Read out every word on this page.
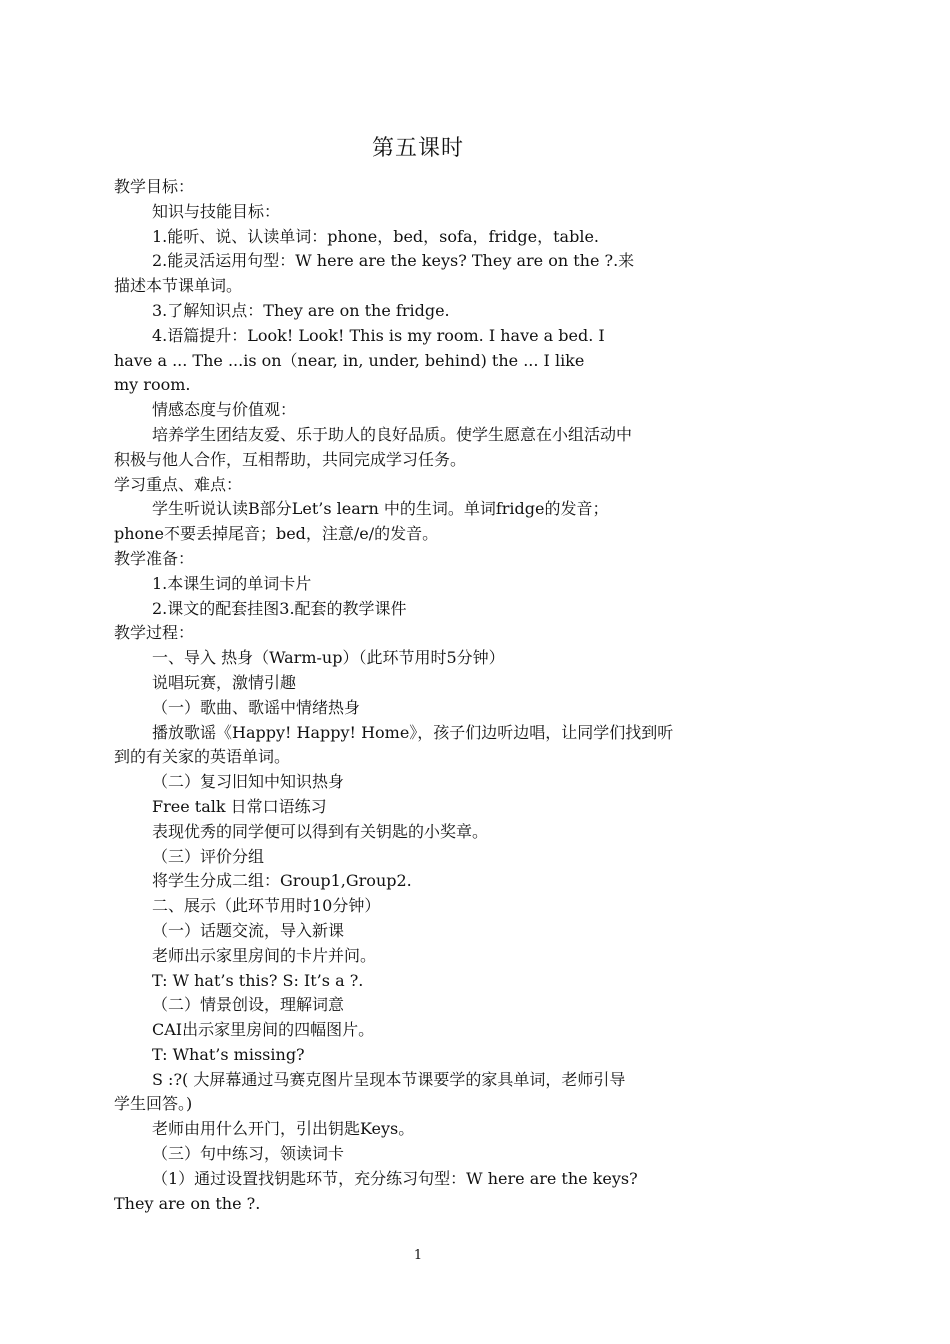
第五课时

教学目标：

知识与技能目标：

1.能听、说、认读单词：phone，bed，sofa，fridge，table.

2.能灵活运用句型：W here are the keys? They are on the ?.来

描述本节课单词。

3.了解知识点：They are on the fridge.

4.语篇提升：Look! Look! This is my room. I have a bed. I

have a ... The ...is on（near, in, under, behind) the ... I like

my room.

情感态度与价值观：

培养学生团结友爱、乐于助人的良好品质。使学生愿意在小组活动中

积极与他人合作，互相帮助，共同完成学习任务。

学习重点、难点：

学生听说认读B部分Let’s learn 中的生词。单词fridge的发音；

phone不要丢掉尾音；bed，注意/e/的发音。

教学准备：

1.本课生词的单词卡片

2.课文的配套挂图3.配套的教学课件

教学过程：

一、导入 热身（Warm-up）（此环节用时5分钟）

说唱玩赛，激情引趣

（一）歌曲、歌谣中情绪热身

播放歌谣《Happy! Happy! Home》，孩子们边听边唱，让同学们找到听

到的有关家的英语单词。

（二）复习旧知中知识热身

Free talk 日常口语练习

表现优秀的同学便可以得到有关钥匙的小奖章。

（三）评价分组

将学生分成二组：Group1,Group2.

二、展示（此环节用时10分钟）

（一）话题交流，导入新课

老师出示家里房间的卡片并问。

T: W hat’s this? S: It’s a ?.

（二）情景创设，理解词意

CAI出示家里房间的四幅图片。

T: What’s missing?

S :?( 大屏幕通过马赛克图片呈现本节课要学的家具单词，老师引导

学生回答。)

老师由用什么开门，引出钥匙Keys。

（三）句中练习，领读词卡

（1）通过设置找钥匙环节，充分练习句型：W here are the keys?

They are on the ?.

1
